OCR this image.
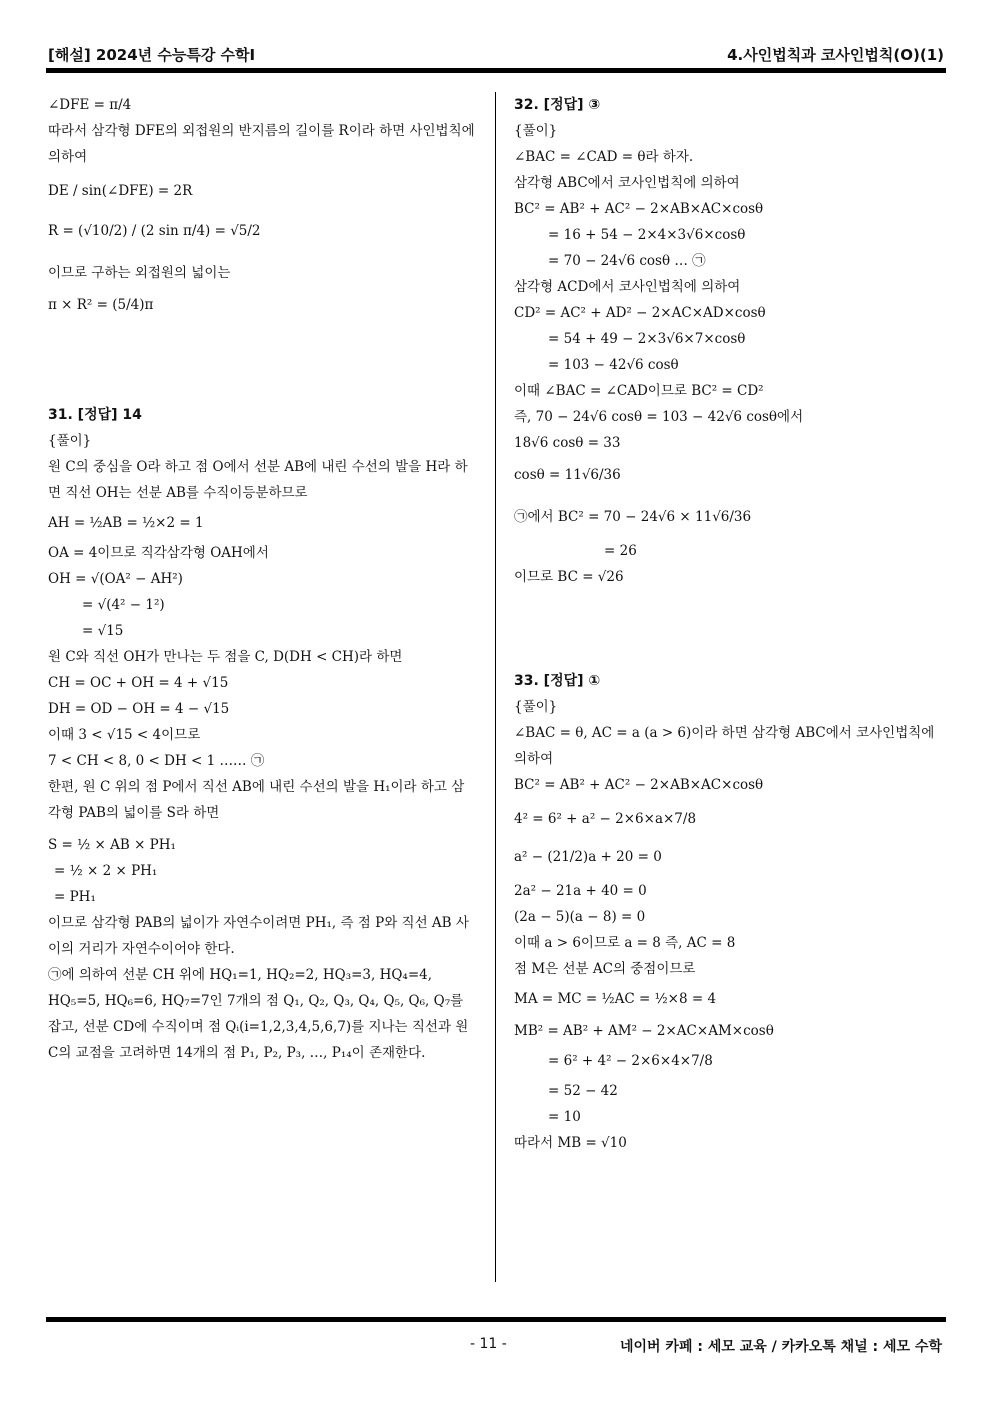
[해설] 2024년 수능특강 수학Ⅰ	4.사인법칙과 코사인법칙(O)(1)
∠DFE = π/4
따라서 삼각형 DFE의 외접원의 반지름의 길이를 R이라 하면 사인법칙에 의하여
DE / sin(∠DFE) = 2R
R = (√10/2) / (2 sin π/4) = √5/2
이므로 구하는 외접원의 넓이는
π × R² = (5/4)π
31. [정답] 14
{풀이}
원 C의 중심을 O라 하고 점 O에서 선분 AB에 내린 수선의 발을 H라 하면 직선 OH는 선분 AB를 수직이등분하므로
AH = ½AB = ½×2 = 1
OA = 4이므로 직각삼각형 OAH에서
OH = √(OA² − AH²)
= √(4² − 1²)
= √15
원 C와 직선 OH가 만나는 두 점을 C, D(DH < CH)라 하면
CH = OC + OH = 4 + √15
DH = OD − OH = 4 − √15
이때 3 < √15 < 4이므로
7 < CH < 8, 0 < DH < 1 …… ㉠
한편, 원 C 위의 점 P에서 직선 AB에 내린 수선의 발을 H₁이라 하고 삼각형 PAB의 넓이를 S라 하면
S = ½ × AB × PH₁
= ½ × 2 × PH₁
= PH₁
이므로 삼각형 PAB의 넓이가 자연수이려면 PH₁, 즉 점 P와 직선 AB 사이의 거리가 자연수이어야 한다.
㉠에 의하여 선분 CH 위에 HQ₁=1, HQ₂=2, HQ₃=3, HQ₄=4, HQ₅=5, HQ₆=6, HQ₇=7인 7개의 점 Q₁, Q₂, Q₃, Q₄, Q₅, Q₆, Q₇를 잡고, 선분 CD에 수직이며 점 Qᵢ(i=1,2,3,4,5,6,7)를 지나는 직선과 원 C의 교점을 고려하면 14개의 점 P₁, P₂, P₃, …, P₁₄이 존재한다.
32. [정답] ③
{풀이}
∠BAC = ∠CAD = θ라 하자.
삼각형 ABC에서 코사인법칙에 의하여
BC² = AB² + AC² − 2×AB×AC×cosθ
= 16 + 54 − 2×4×3√6×cosθ
= 70 − 24√6 cosθ … ㉠
삼각형 ACD에서 코사인법칙에 의하여
CD² = AC² + AD² − 2×AC×AD×cosθ
= 54 + 49 − 2×3√6×7×cosθ
= 103 − 42√6 cosθ
이때 ∠BAC = ∠CAD이므로 BC² = CD²
즉, 70 − 24√6 cosθ = 103 − 42√6 cosθ에서
18√6 cosθ = 33
cosθ = 11√6/36
㉠에서 BC² = 70 − 24√6 × 11√6/36
= 26
이므로 BC = √26
33. [정답] ①
{풀이}
∠BAC = θ, AC = a (a > 6)이라 하면 삼각형 ABC에서 코사인법칙에 의하여
BC² = AB² + AC² − 2×AB×AC×cosθ
4² = 6² + a² − 2×6×a×7/8
a² − (21/2)a + 20 = 0
2a² − 21a + 40 = 0
(2a − 5)(a − 8) = 0
이때 a > 6이므로 a = 8 즉, AC = 8
점 M은 선분 AC의 중점이므로
MA = MC = ½AC = ½×8 = 4
MB² = AB² + AM² − 2×AC×AM×cosθ
= 6² + 4² − 2×6×4×7/8
= 52 − 42
= 10
따라서 MB = √10
- 11 -	네이버 카페 : 세모 교육 / 카카오톡 채널 : 세모 수학
